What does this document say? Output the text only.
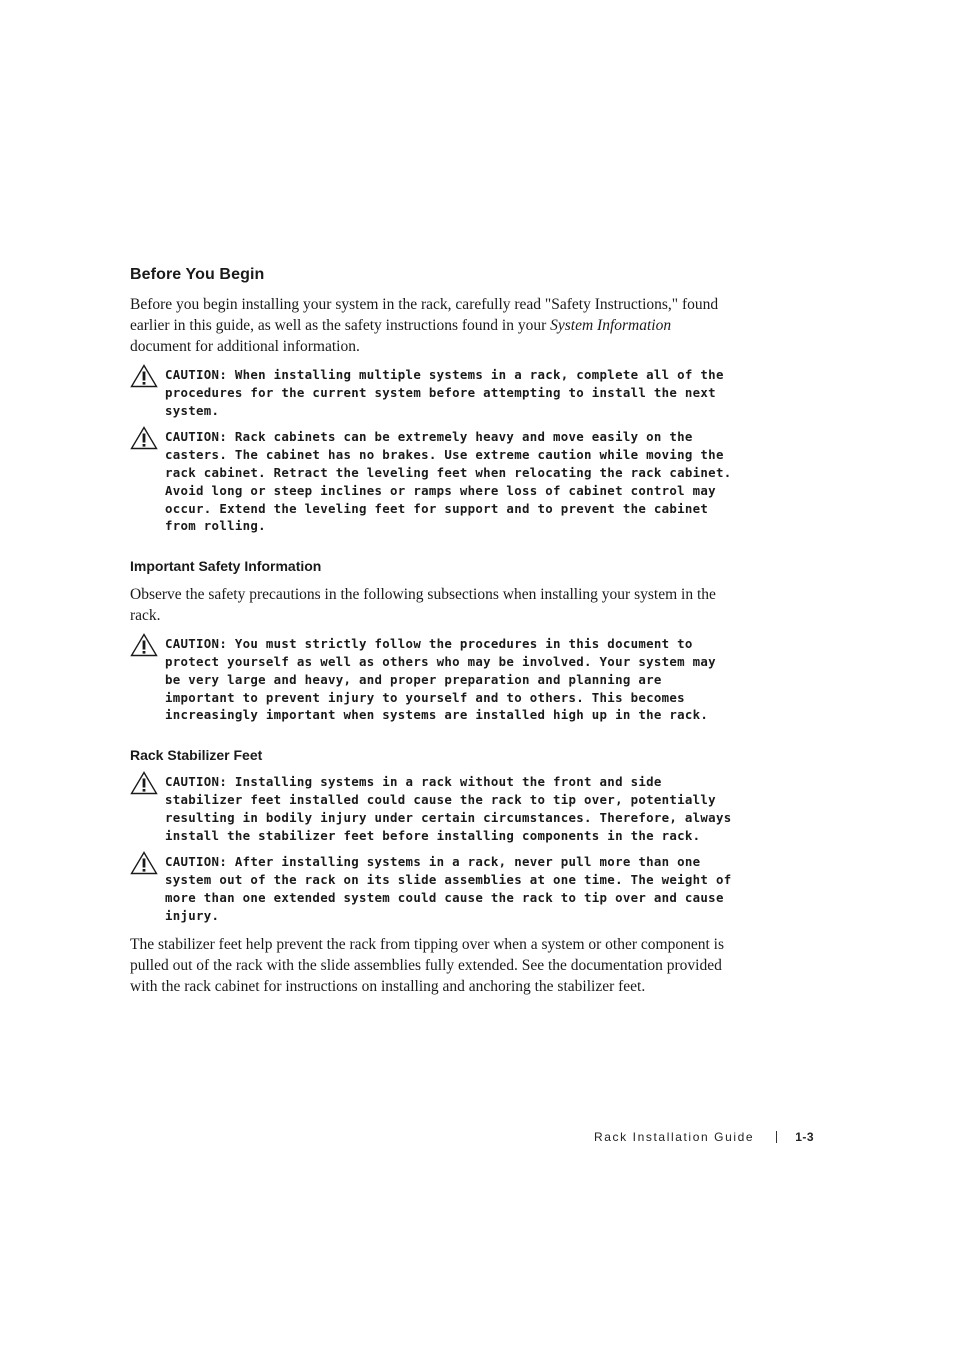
Before You Begin

Before you begin installing your system in the rack, carefully read "Safety Instructions," found earlier in this guide, as well as the safety instructions found in your System Information document for additional information.

CAUTION: When installing multiple systems in a rack, complete all of the procedures for the current system before attempting to install the next system.
CAUTION: Rack cabinets can be extremely heavy and move easily on the casters. The cabinet has no brakes. Use extreme caution while moving the rack cabinet. Retract the leveling feet when relocating the rack cabinet. Avoid long or steep inclines or ramps where loss of cabinet control may occur. Extend the leveling feet for support and to prevent the cabinet from rolling.
Important Safety Information

Observe the safety precautions in the following subsections when installing your system in the rack.

CAUTION: You must strictly follow the procedures in this document to protect yourself as well as others who may be involved. Your system may be very large and heavy, and proper preparation and planning are important to prevent injury to yourself and to others. This becomes increasingly important when systems are installed high up in the rack.
Rack Stabilizer Feet
CAUTION: Installing systems in a rack without the front and side stabilizer feet installed could cause the rack to tip over, potentially resulting in bodily injury under certain circumstances. Therefore, always install the stabilizer feet before installing components in the rack.
CAUTION: After installing systems in a rack, never pull more than one system out of the rack on its slide assemblies at one time. The weight of more than one extended system could cause the rack to tip over and cause injury.

The stabilizer feet help prevent the rack from tipping over when a system or other component is pulled out of the rack with the slide assemblies fully extended. See the documentation provided with the rack cabinet for instructions on installing and anchoring the stabilizer feet.

Rack Installation Guide	1-3
